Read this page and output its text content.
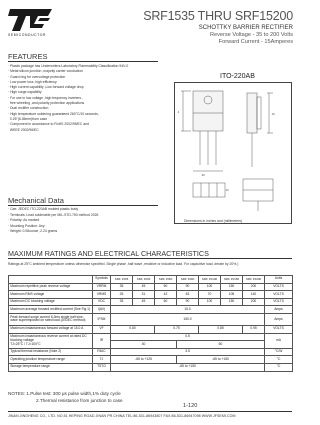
SEMICONDUCTOR
SRF1535 THRU SRF15200
SCHOTTKY BARRIER RECTIFIER
Reverse Voltage - 35 to 200 Volts
Forward Current - 15Amperes
FEATURES
· Plastic package has Underwriters Laboratory Flammability Classification 94V-0
· Metal silicon junction ,majority carrier conduction
· Guard ring for overvoltage protection
· Low power loss ,high efficiency
· High current capability ,Low forward voltage drop
· High surge capability
· For use in low voltage ,high frequency inverters ,
free wheeling ,and polarity protection applications
· Dual rectifier construction
· High temperature soldering guaranteed 260°C/10 seconds,
0.25"(6.35mm)from case
· Component in accordance to RoHS 2002/95/EC and
WEEE 2002/96/EC
ITO-220AB
.4
.39
.19
.10
Dimensions in inches and (millimeters)
Mechanical Data
· Cae: JEDEC ITO-220AB molded plastic body
· Terminals: Lead solderable per MIL-STD-750 method 2026
· Polarity: As marked
· Mounting Position: Any
· Weight: 0.08ounce ,2.24 grams
MAXIMUM RATINGS AND ELECTRICAL CHARACTERISTICS
Ratings at 25°C ambient temperature unless otherwise specified .Single phase ,half wave ,resistive or inductive load. For capacitive load, derate by 20%.)
	Symbols	SRF 1535	SRF 1545	SRF 1560	SRF 1590	SRF 15100	SRF 15150	SRF 15200	Units
Maximum repetitive peak reverse voltage	VRRM	35	45	60	90	100	150	200	VOLTS
Maximum RMS voltage	VRMS	25	31	42	63	70	105	140	VOLTS
Maximum DC blocking voltage	VDC	35	45	60	90	100	150	200	VOLTS
Maximum average forward rectified current (See Fig.1)	I(AV)	15.0							Amps
Peak forward surge current 8.3ms single half sine-wave superimposed on rated load (JEDEC method)	IFSM	150.0							Amps
Maximum instantaneous forward voltage at 15.0 A	VF	0.60		0.75		0.85		0.95	VOLTS
Maximum instantaneous reverse current at rated DC blocking voltage
TJ=25°C / TJ=100°C	IR	0.5							mA
		30			50				
Typical thermal resistance (Note 2)	RθJC	3.5							°C/W
Operating junction temperature range	TJ	-65 to +125			-65 to +150				°C
Storage temperature range	TSTG	-65 to +150							°C
NOTES: 1.Pulse test: 300 μs pulse width,1% duty cycle
2.Thermal resistance from junction to case
1-120
JINAN JINGHENG CO., LTD. NO.51 HEPING ROAD JINAN PR.CHINA TEL:86-531-86943807 FAX:86-531-86947098 WWW.JFSEMI.COM
